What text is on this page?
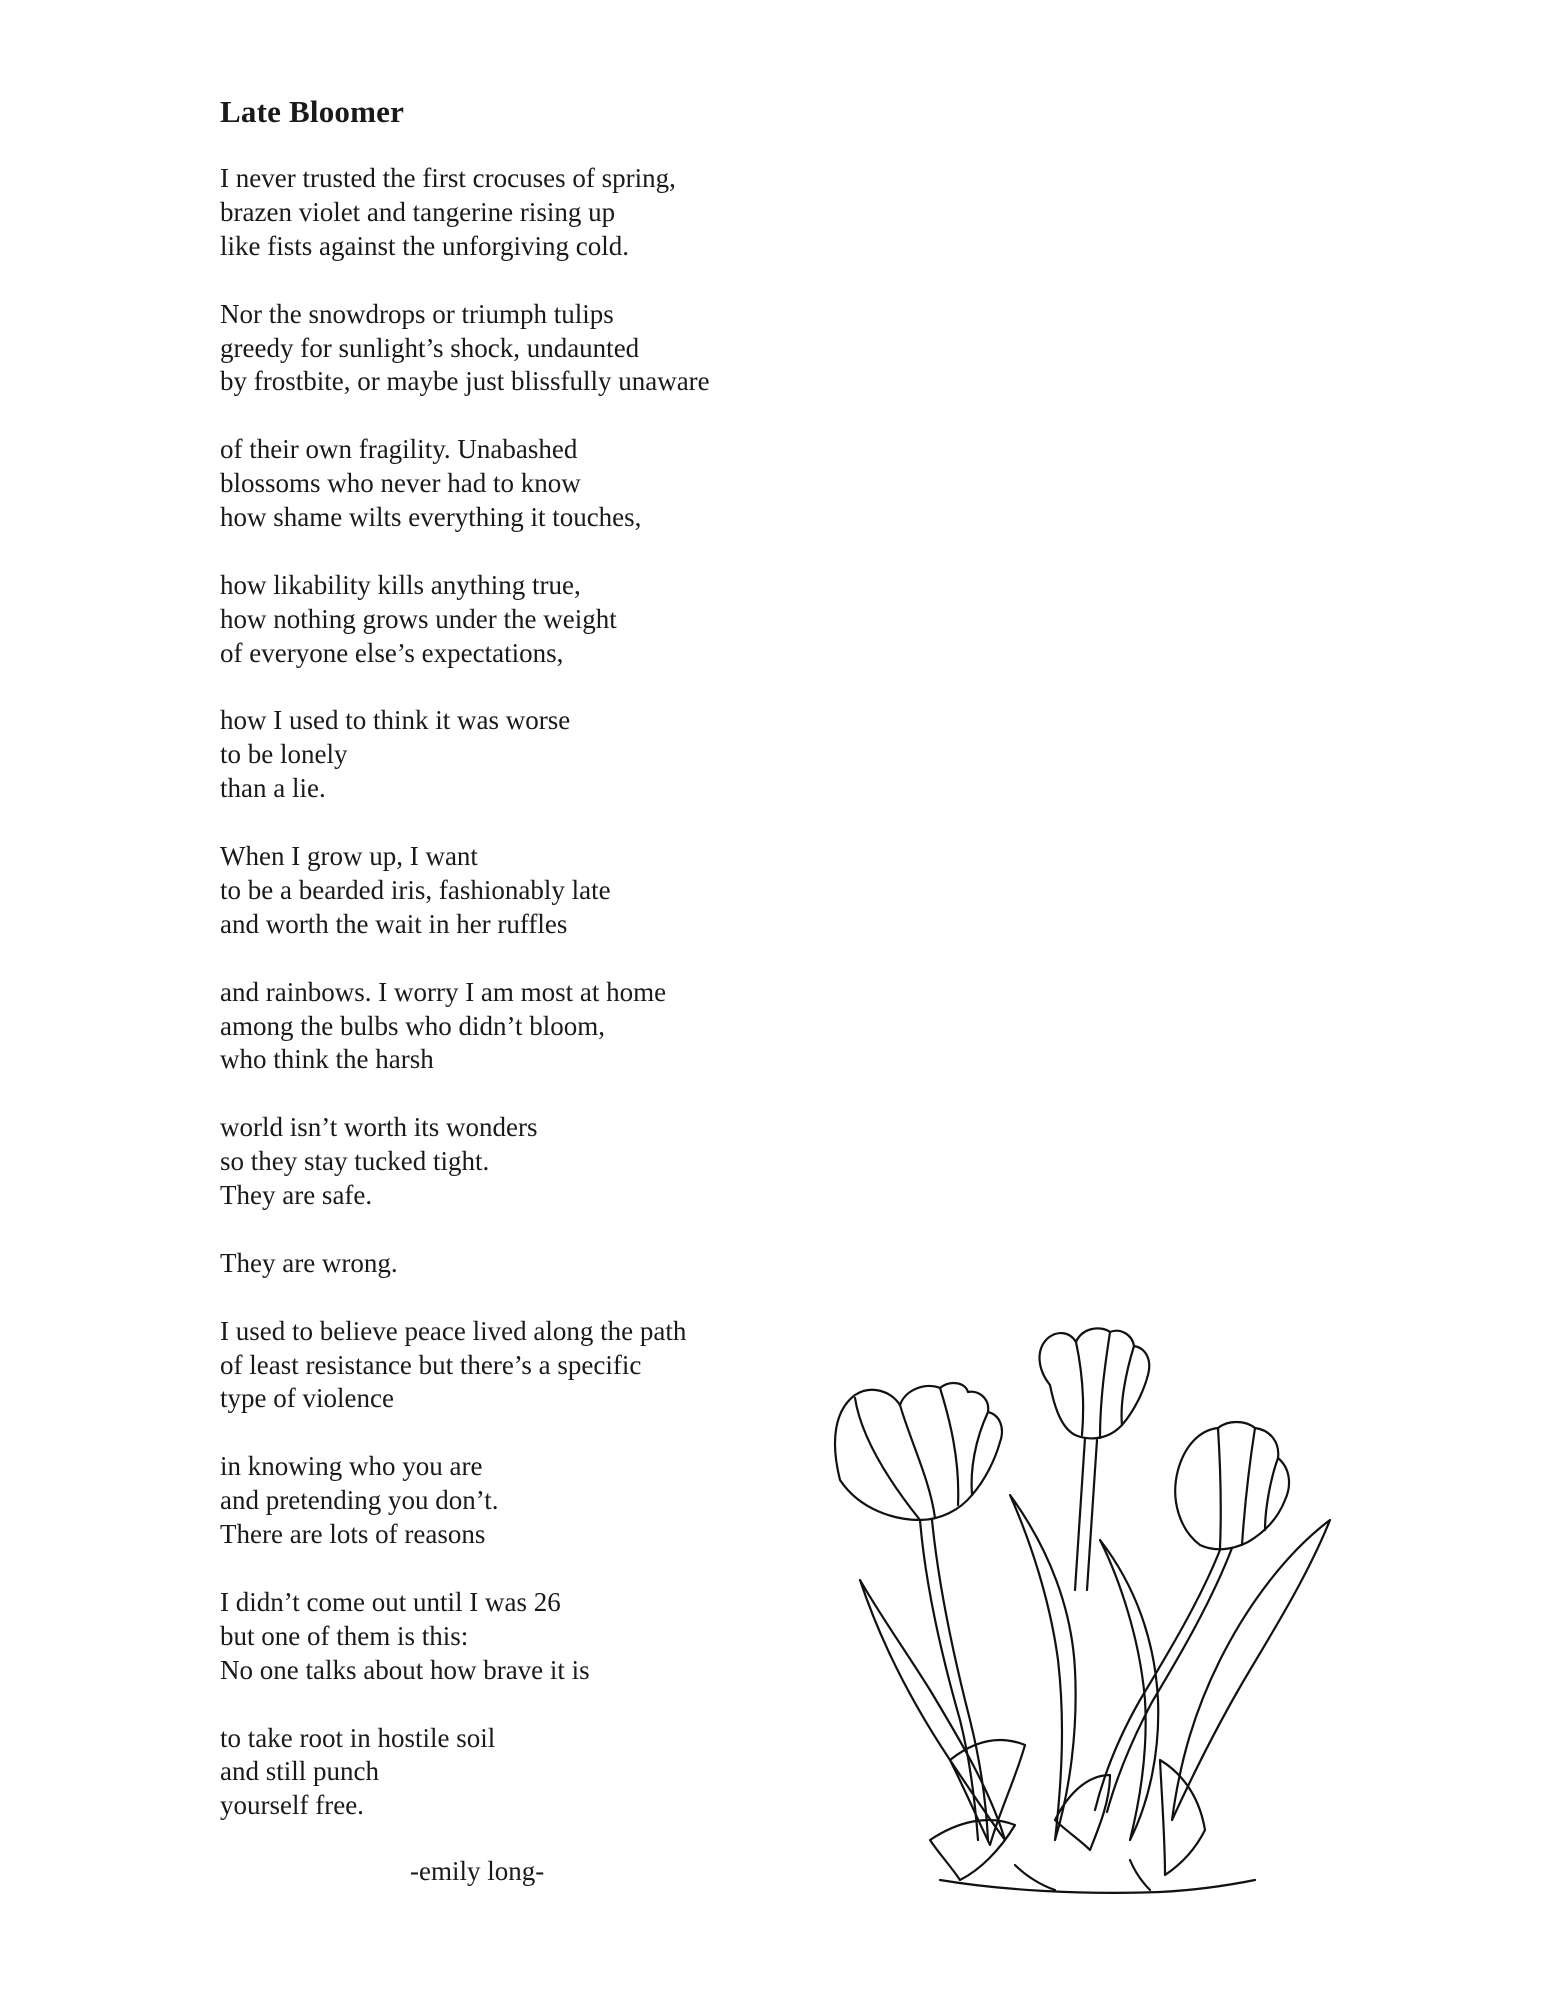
Late Bloomer
I never trusted the first crocuses of spring,
brazen violet and tangerine rising up
like fists against the unforgiving cold.
Nor the snowdrops or triumph tulips
greedy for sunlight’s shock, undaunted
by frostbite, or maybe just blissfully unaware
of their own fragility. Unabashed
blossoms who never had to know
how shame wilts everything it touches,
how likability kills anything true,
how nothing grows under the weight
of everyone else’s expectations,
how I used to think it was worse
to be lonely
than a lie.
When I grow up, I want
to be a bearded iris, fashionably late
and worth the wait in her ruffles
and rainbows. I worry I am most at home
among the bulbs who didn’t bloom,
who think the harsh
world isn’t worth its wonders
so they stay tucked tight.
They are safe.
They are wrong.
I used to believe peace lived along the path
of least resistance but there’s a specific
type of violence
in knowing who you are
and pretending you don’t.
There are lots of reasons
I didn’t come out until I was 26
but one of them is this:
No one talks about how brave it is
to take root in hostile soil
and still punch
yourself free.

-emily long-
